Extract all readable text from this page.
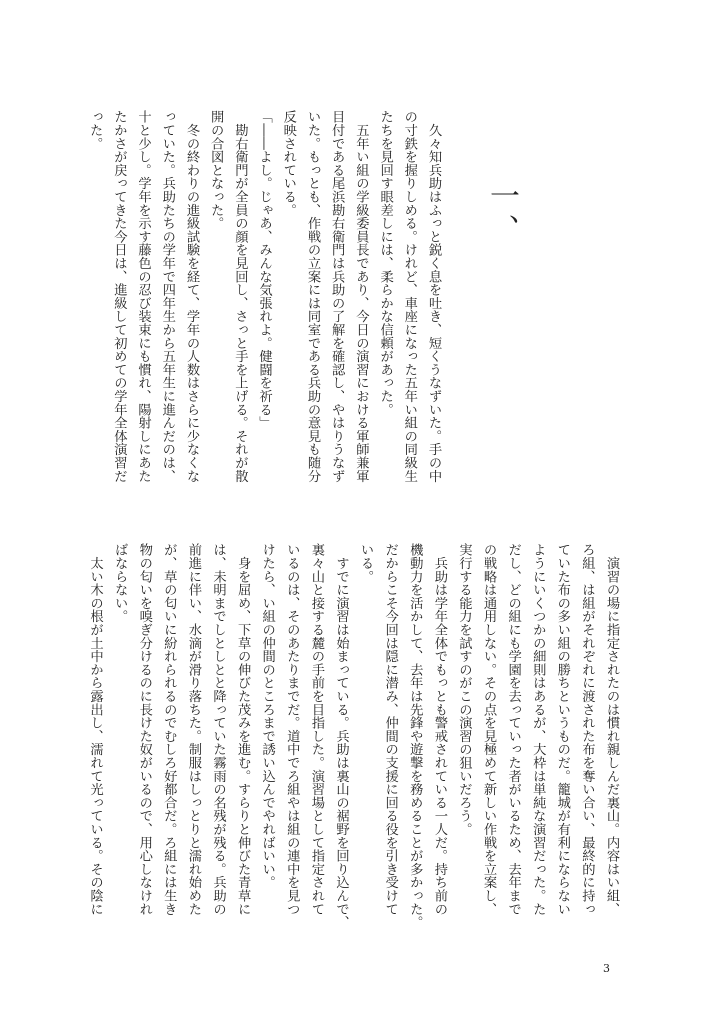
一、
　久々知兵助はふっと鋭く息を吐き、短くうなずいた。手の中
の寸鉄を握りしめる。けれど、車座になった五年い組の同級生
たちを見回す眼差しには、柔らかな信頼があった。
　五年い組の学級委員長であり、今日の演習における軍師兼軍
目付である尾浜勘右衛門は兵助の了解を確認し、やはりうなず
いた。もっとも、作戦の立案には同室である兵助の意見も随分
反映されている。
「――よし。じゃあ、みんな気張れよ。健闘を祈る」
　勘右衛門が全員の顔を見回し、さっと手を上げる。それが散
開の合図となった。
　冬の終わりの進級試験を経て、学年の人数はさらに少なくな
っていた。兵助たちの学年で四年生から五年生に進んだのは、
十と少し。学年を示す藤色の忍び装束にも慣れ、陽射しにあた
たかさが戻ってきた今日は、進級して初めての学年全体演習だ
った。
　演習の場に指定されたのは慣れ親しんだ裏山。内容はい組、
ろ組、は組がそれぞれに渡された布を奪い合い、最終的に持っ
ていた布の多い組の勝ちというものだ。籠城が有利にならない
ようにいくつかの細則はあるが、大枠は単純な演習だった。た
だし、どの組にも学園を去っていった者がいるため、去年まで
の戦略は通用しない。その点を見極めて新しい作戦を立案し、
実行する能力を試すのがこの演習の狙いだろう。
　兵助は学年全体でもっとも警戒されている一人だ。持ち前の
機動力を活かして、去年は先鋒や遊撃を務めることが多かった。
だからこそ今回は隠に潜み、仲間の支援に回る役を引き受けて
いる。
　すでに演習は始まっている。兵助は裏山の裾野を回り込んで、
裏々山と接する麓の手前を目指した。演習場として指定されて
いるのは、そのあたりまでだ。道中でろ組やは組の連中を見つ
けたら、い組の仲間のところまで誘い込んでやればいい。
　身を屈め、下草の伸びた茂みを進む。すらりと伸びた青草に
は、未明までしとしとと降っていた霧雨の名残が残る。兵助の
前進に伴い、水滴が滑り落ちた。制服はしっとりと濡れ始めた
が、草の匂いに紛れられるのでむしろ好都合だ。ろ組には生き
物の匂いを嗅ぎ分けるのに長けた奴がいるので、用心しなけれ
ばならない。
　太い木の根が土中から露出し、濡れて光っている。その陰に
3
